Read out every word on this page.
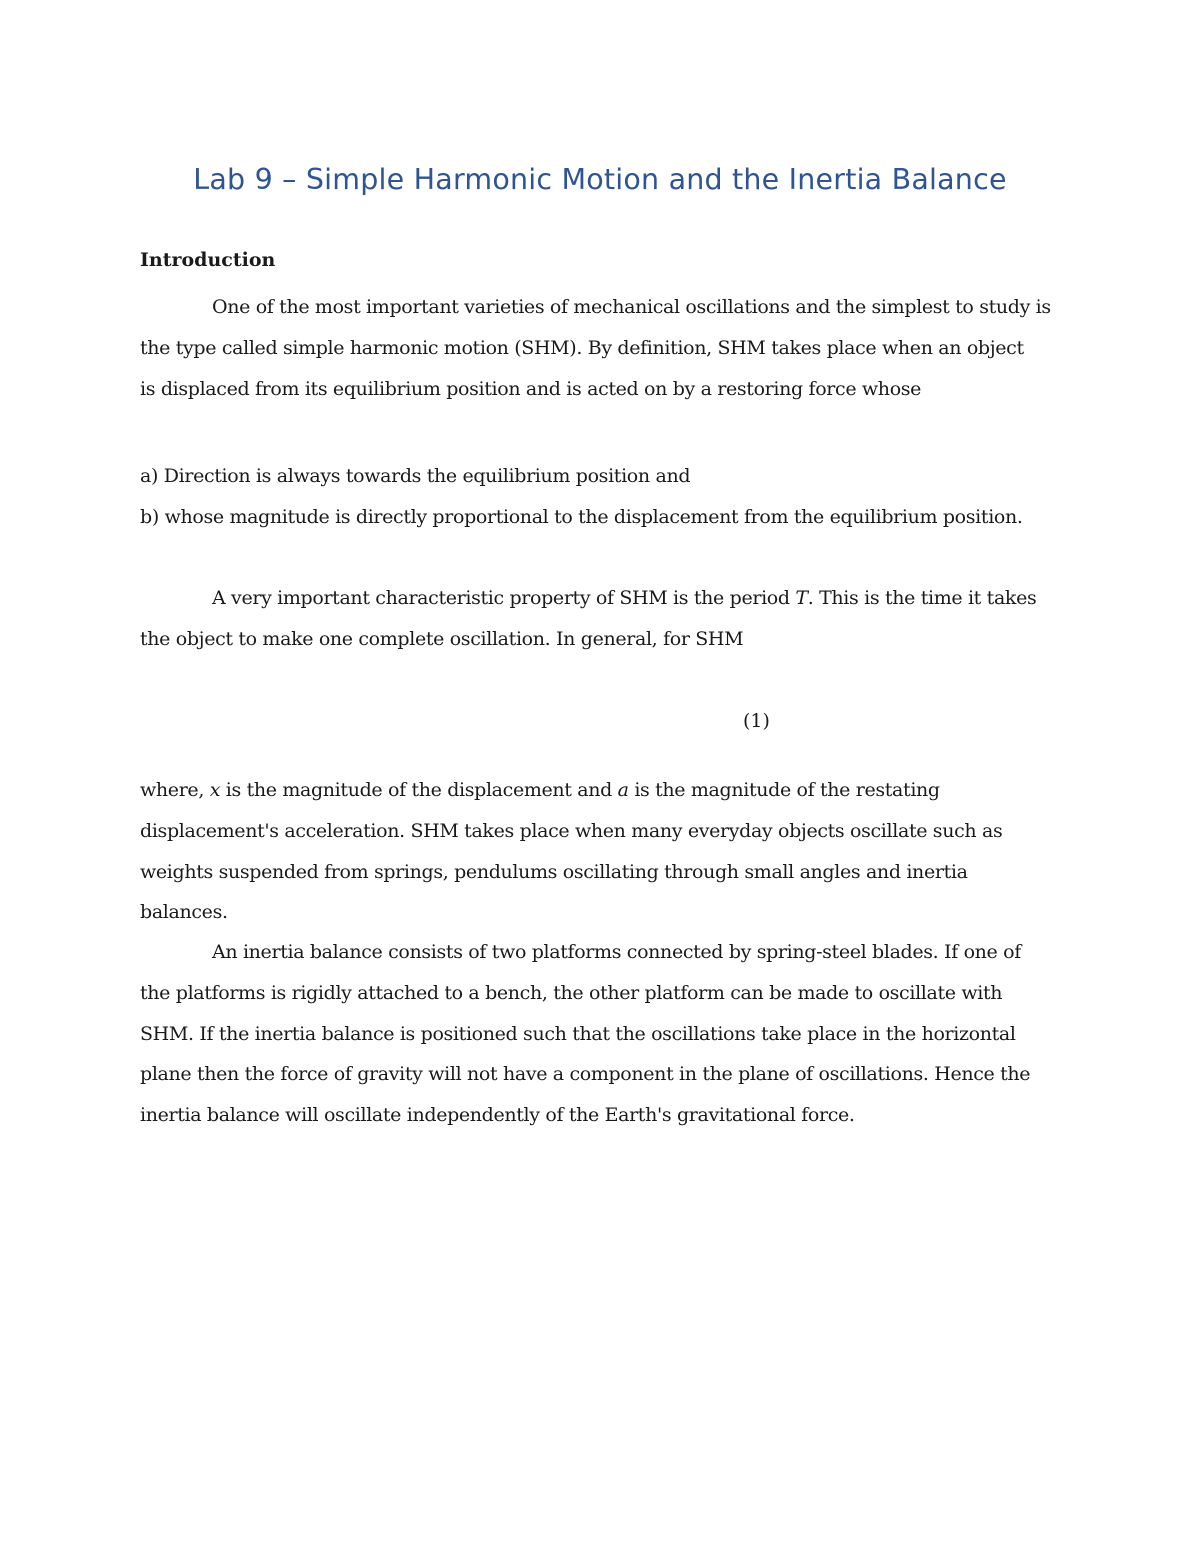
Lab 9 – Simple Harmonic Motion and the Inertia Balance
Introduction
One of the most important varieties of mechanical oscillations and the simplest to study is
the type called simple harmonic motion (SHM). By definition, SHM takes place when an object
is displaced from its equilibrium position and is acted on by a restoring force whose
a) Direction is always towards the equilibrium position and
b) whose magnitude is directly proportional to the displacement from the equilibrium position.
A very important characteristic property of SHM is the period T. This is the time it takes
the object to make one complete oscillation. In general, for SHM
(1)
where, x is the magnitude of the displacement and a is the magnitude of the restating
displacement's acceleration. SHM takes place when many everyday objects oscillate such as
weights suspended from springs, pendulums oscillating through small angles and inertia
balances.
An inertia balance consists of two platforms connected by spring-steel blades. If one of
the platforms is rigidly attached to a bench, the other platform can be made to oscillate with
SHM. If the inertia balance is positioned such that the oscillations take place in the horizontal
plane then the force of gravity will not have a component in the plane of oscillations. Hence the
inertia balance will oscillate independently of the Earth's gravitational force.
